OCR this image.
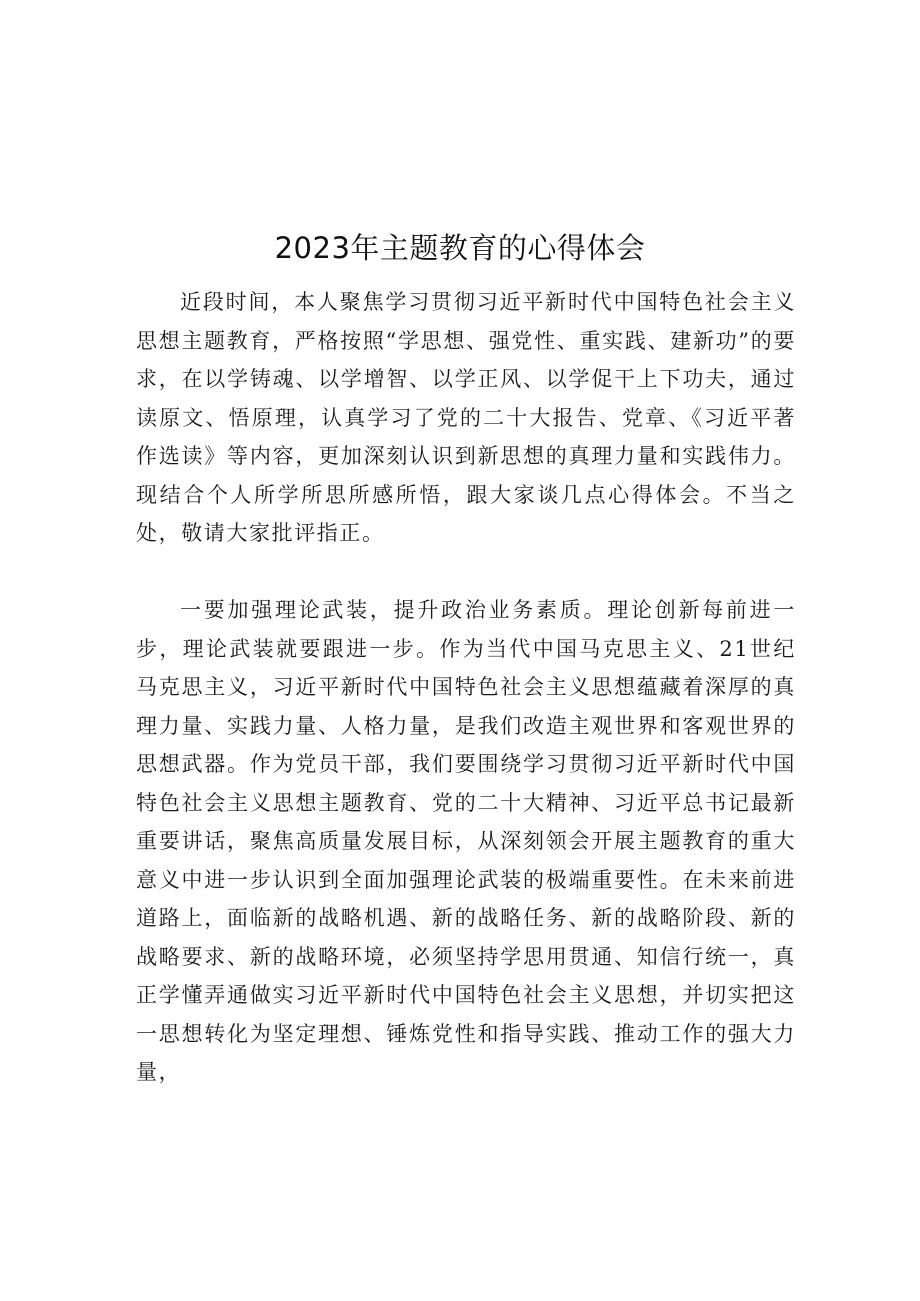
2023年主题教育的心得体会

近段时间，本人聚焦学习贯彻习近平新时代中国特色社会主义思想主题教育，严格按照“学思想、强党性、重实践、建新功”的要求，在以学铸魂、以学增智、以学正风、以学促干上下功夫，通过读原文、悟原理，认真学习了党的二十大报告、党章、《习近平著作选读》等内容，更加深刻认识到新思想的真理力量和实践伟力。现结合个人所学所思所感所悟，跟大家谈几点心得体会。不当之处，敬请大家批评指正。

一要加强理论武装，提升政治业务素质。理论创新每前进一步，理论武装就要跟进一步。作为当代中国马克思主义、21世纪马克思主义，习近平新时代中国特色社会主义思想蕴藏着深厚的真理力量、实践力量、人格力量，是我们改造主观世界和客观世界的思想武器。作为党员干部，我们要围绕学习贯彻习近平新时代中国特色社会主义思想主题教育、党的二十大精神、习近平总书记最新重要讲话，聚焦高质量发展目标，从深刻领会开展主题教育的重大意义中进一步认识到全面加强理论武装的极端重要性。在未来前进道路上，面临新的战略机遇、新的战略任务、新的战略阶段、新的战略要求、新的战略环境，必须坚持学思用贯通、知信行统一，真正学懂弄通做实习近平新时代中国特色社会主义思想，并切实把这一思想转化为坚定理想、锤炼党性和指导实践、推动工作的强大力量，
